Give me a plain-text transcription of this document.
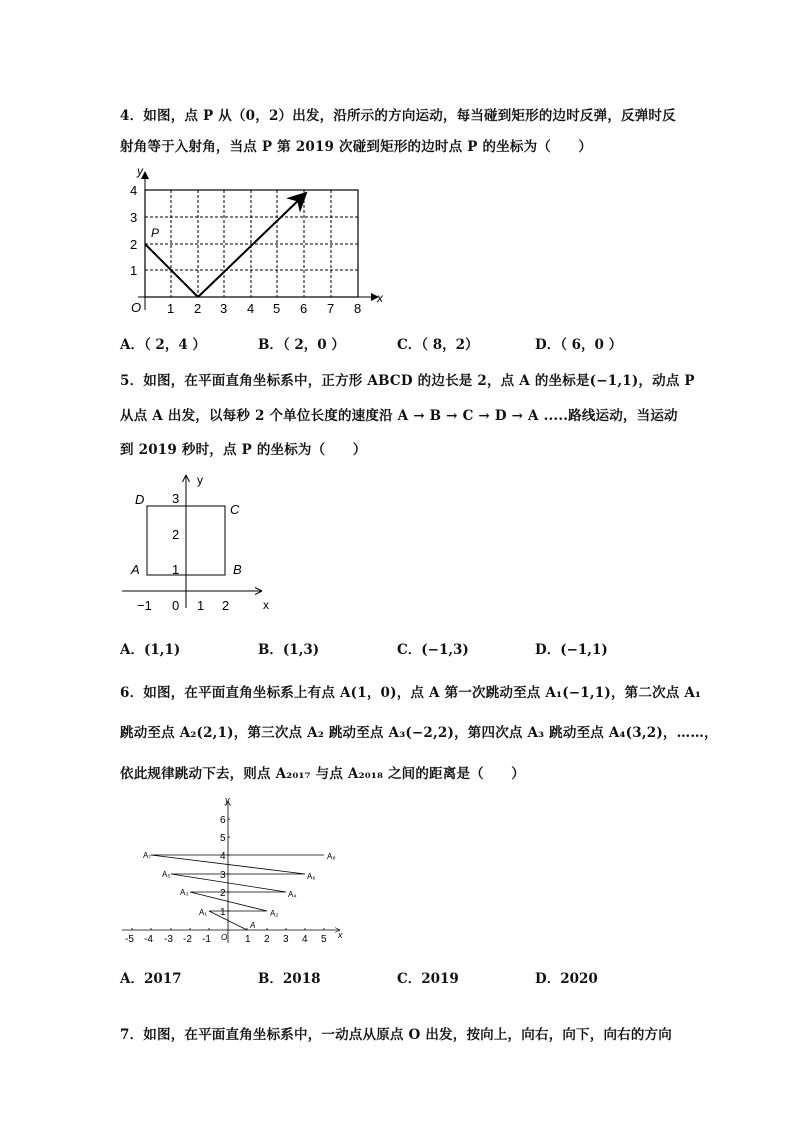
4．如图，点 P 从（0，2）出发，沿所示的方向运动，每当碰到矩形的边时反弹，反弹时反
射角等于入射角，当点 P 第 2019 次碰到矩形的边时点 P 的坐标为（　　）
y
x
O
P
1 2 3 4 5 6 7 8
1
2
3
4
A．（ 2，4 ）	B．（ 2，0 ）	C．（ 8，2）	D．（ 6，0 ）
5．如图，在平面直角坐标系中，正方形 ABCD 的边长是 2，点 A 的坐标是(−1,1)，动点 P
从点 A 出发，以每秒 2 个单位长度的速度沿 A → B → C → D → A .....路线运动，当运动
到 2019 秒时，点 P 的坐标为（　　）
y
x
D
C
A	B
1
2
3
−1 0 1 2
A．(1,1)	B．(1,3)	C．(−1,3)	D．(−1,1)
6．如图，在平面直角坐标系上有点 A(1，0)，点 A 第一次跳动至点 A₁(−1,1)，第二次点 A₁
跳动至点 A₂(2,1)，第三次点 A₂ 跳动至点 A₃(−2,2)，第四次点 A₃ 跳动至点 A₄(3,2)，……，
依此规律跳动下去，则点 A₂₀₁₇ 与点 A₂₀₁₈ 之间的距离是（　　）
y
x
O
-5 -4 -3 -2 -1	1 2 3 4 5
1
2
3
4
5
6
A
A₁	A₂
A₃	A₄
A₅	A₆
A₇	A₈
A．2017	B．2018	C．2019	D．2020
7．如图，在平面直角坐标系中，一动点从原点 O 出发，按向上，向右，向下，向右的方向
